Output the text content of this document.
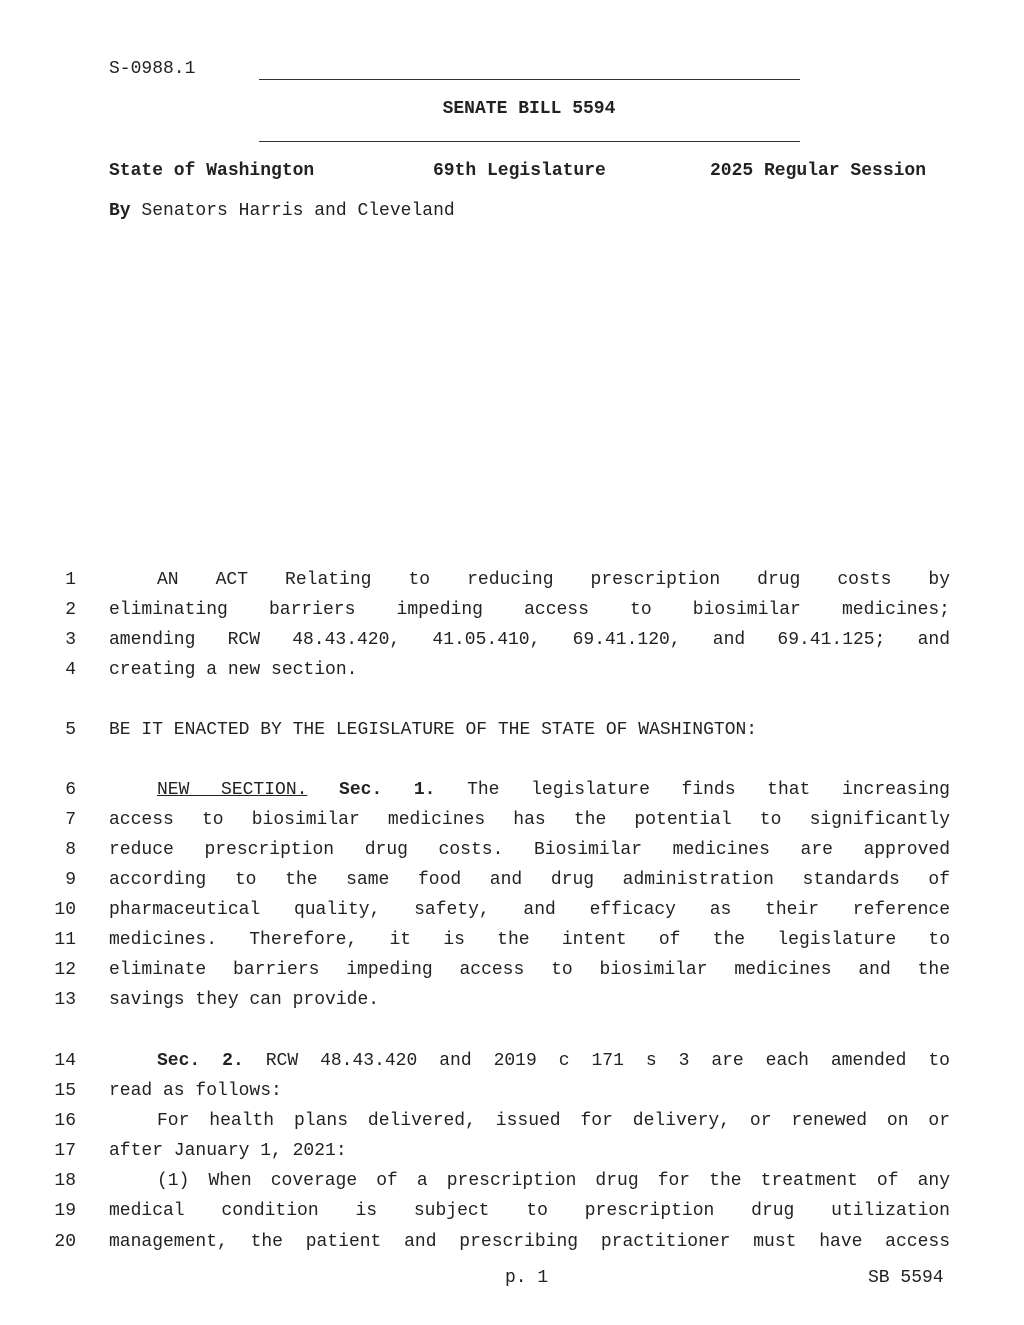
S-0988.1
SENATE BILL 5594
State of Washington	69th Legislature	2025 Regular Session
By Senators Harris and Cleveland
1	AN ACT Relating to reducing prescription drug costs by
2 eliminating barriers impeding access to biosimilar medicines;
3 amending RCW 48.43.420, 41.05.410, 69.41.120, and 69.41.125; and
4 creating a new section.
5 BE IT ENACTED BY THE LEGISLATURE OF THE STATE OF WASHINGTON:
6	NEW SECTION. Sec. 1. The legislature finds that increasing
7 access to biosimilar medicines has the potential to significantly
8 reduce prescription drug costs. Biosimilar medicines are approved
9 according to the same food and drug administration standards of
10 pharmaceutical quality, safety, and efficacy as their reference
11 medicines. Therefore, it is the intent of the legislature to
12 eliminate barriers impeding access to biosimilar medicines and the
13 savings they can provide.
14	Sec. 2. RCW 48.43.420 and 2019 c 171 s 3 are each amended to
15 read as follows:
16	For health plans delivered, issued for delivery, or renewed on or
17 after January 1, 2021:
18	(1) When coverage of a prescription drug for the treatment of any
19 medical condition is subject to prescription drug utilization
20 management, the patient and prescribing practitioner must have access
p. 1	SB 5594
